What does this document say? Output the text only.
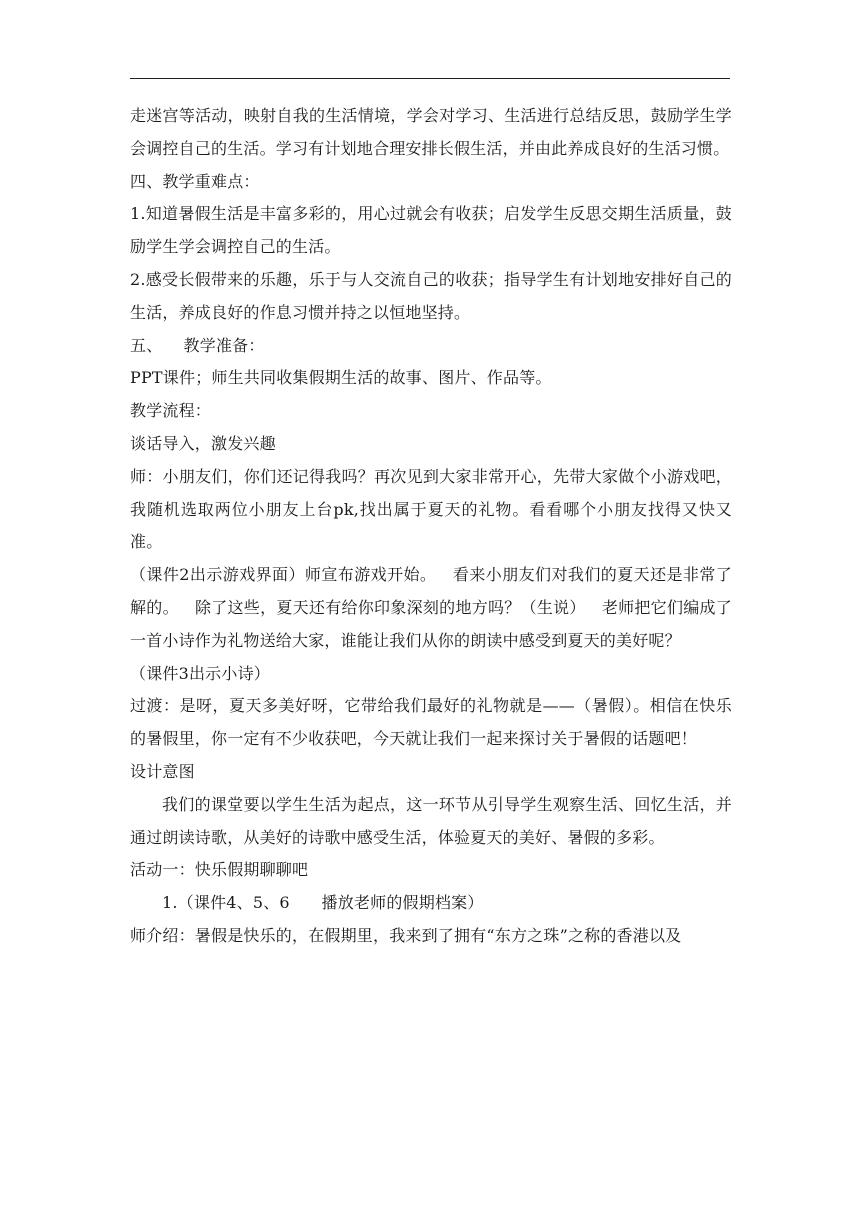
走迷宫等活动，映射自我的生活情境，学会对学习、生活进行总结反思，鼓励学生学会调控自己的生活。学习有计划地合理安排长假生活，并由此养成良好的生活习惯。

四、教学重难点：

1.知道暑假生活是丰富多彩的，用心过就会有收获；启发学生反思交期生活质量，鼓励学生学会调控自己的生活。

2.感受长假带来的乐趣，乐于与人交流自己的收获；指导学生有计划地安排好自己的生活，养成良好的作息习惯并持之以恒地坚持。

五、    教学准备：

PPT课件；师生共同收集假期生活的故事、图片、作品等。

教学流程：

谈话导入，激发兴趣

师：小朋友们，你们还记得我吗？再次见到大家非常开心，先带大家做个小游戏吧，我随机选取两位小朋友上台pk,找出属于夏天的礼物。看看哪个小朋友找得又快又准。

（课件2出示游戏界面）师宣布游戏开始。   看来小朋友们对我们的夏天还是非常了解的。   除了这些，夏天还有给你印象深刻的地方吗？（生说）   老师把它们编成了一首小诗作为礼物送给大家，谁能让我们从你的朗读中感受到夏天的美好呢？

（课件3出示小诗）

过渡：是呀，夏天多美好呀，它带给我们最好的礼物就是——（暑假）。相信在快乐的暑假里，你一定有不少收获吧，今天就让我们一起来探讨关于暑假的话题吧！

设计意图

我们的课堂要以学生生活为起点，这一环节从引导学生观察生活、回忆生活，并通过朗读诗歌，从美好的诗歌中感受生活，体验夏天的美好、暑假的多彩。

活动一：快乐假期聊聊吧

1.（课件4、5、6      播放老师的假期档案）

师介绍：暑假是快乐的，在假期里，我来到了拥有“东方之珠”之称的香港以及
